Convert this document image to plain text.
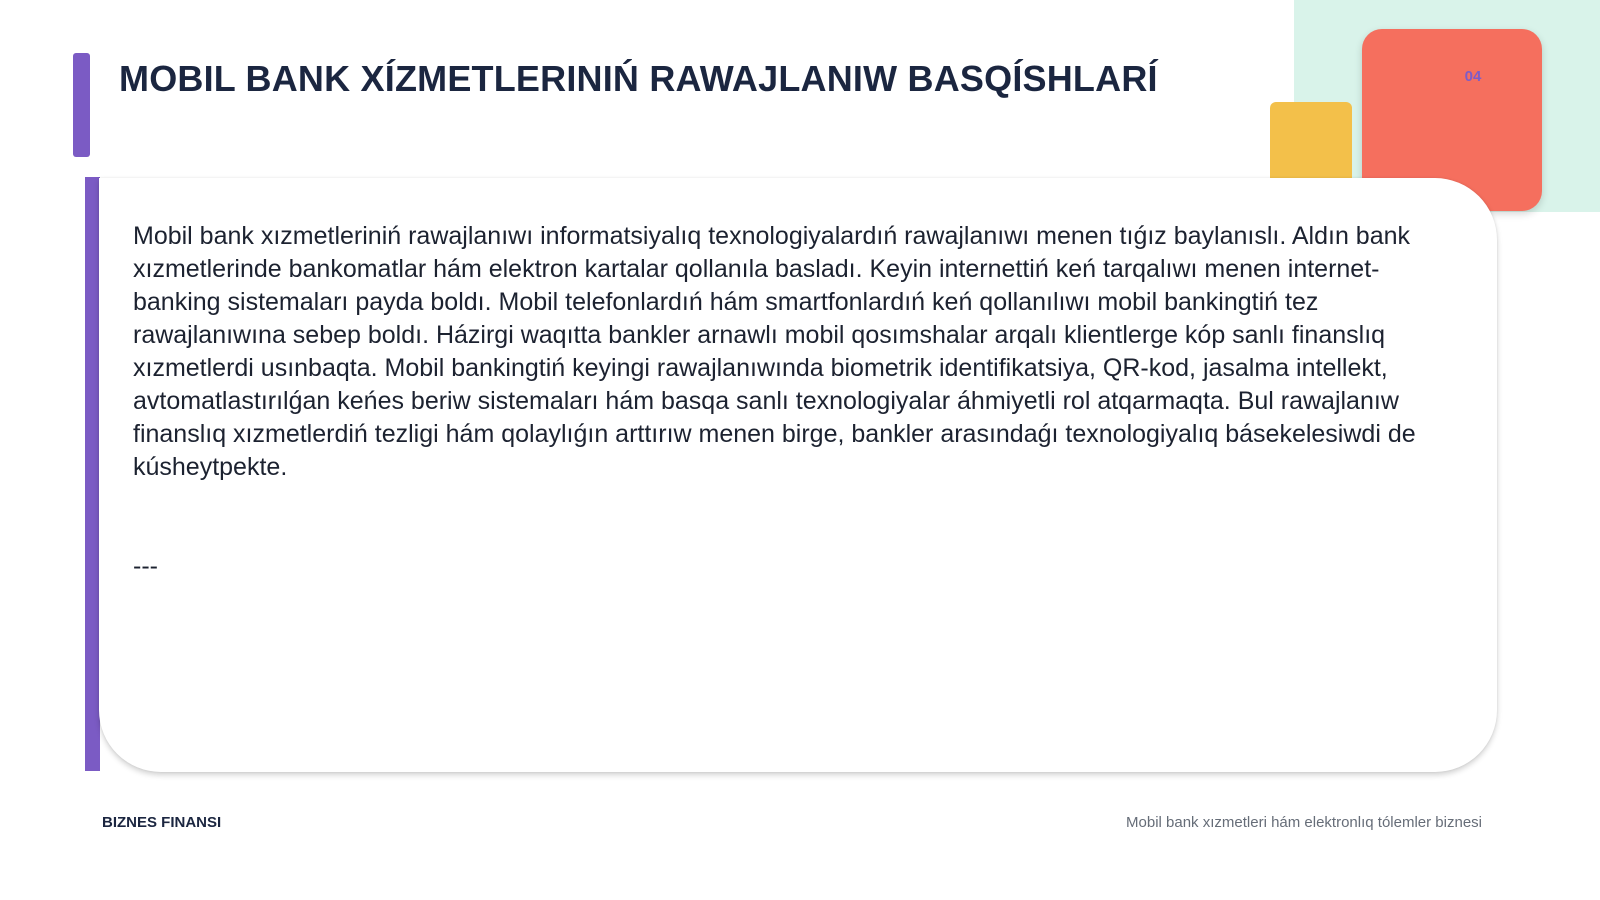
04
MOBIL BANK XÍZMETLERINIŃ RAWAJLANIW BASQÍSHLARÍ

Mobil bank xızmetleriniń rawajlanıwı informatsiyalıq texnologiyalardıń rawajlanıwı menen tıǵız baylanıslı. Aldın bank xızmetlerinde bankomatlar hám elektron kartalar qollanıla basladı. Keyin internettiń keń tarqalıwı menen internet-banking sistemaları payda boldı. Mobil telefonlardıń hám smartfonlardıń keń qollanılıwı mobil bankingtiń tez rawajlanıwına sebep boldı. Házirgi waqıtta bankler arnawlı mobil qosımshalar arqalı klientlerge kóp sanlı finanslıq xızmetlerdi usınbaqta. Mobil bankingtiń keyingi rawajlanıwında biometrik identifikatsiya, QR-kod, jasalma intellekt, avtomatlastırılǵan keńes beriw sistemaları hám basqa sanlı texnologiyalar áhmiyetli rol atqarmaqta. Bul rawajlanıw finanslıq xızmetlerdiń tezligi hám qolaylıǵın arttırıw menen birge, bankler arasındaǵı texnologiyalıq básekelesiwdi de kúsheytpekte.

---

BIZNES FINANSI	Mobil bank xızmetleri hám elektronlıq tólemler biznesi
